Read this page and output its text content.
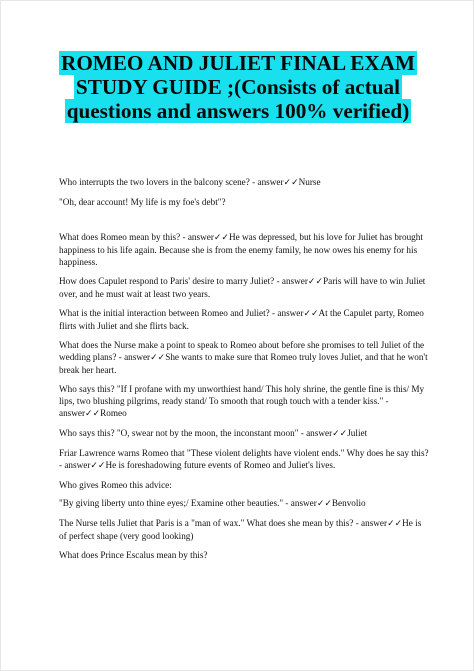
ROMEO AND JULIET FINAL EXAM
STUDY GUIDE ;(Consists of actual
questions and answers 100% verified)

Who interrupts the two lovers in the balcony scene? - answer✓✓Nurse

"Oh, dear account! My life is my foe's debt"?

What does Romeo mean by this? - answer✓✓He was depressed, but his love for Juliet has brought happiness to his life again. Because she is from the enemy family, he now owes his enemy for his happiness.

How does Capulet respond to Paris' desire to marry Juliet? - answer✓✓Paris will have to win Juliet over, and he must wait at least two years.

What is the initial interaction between Romeo and Juliet? - answer✓✓At the Capulet party, Romeo flirts with Juliet and she flirts back.

What does the Nurse make a point to speak to Romeo about before she promises to tell Juliet of the wedding plans? - answer✓✓She wants to make sure that Romeo truly loves Juliet, and that he won't break her heart.

Who says this? "If I profane with my unworthiest hand/ This holy shrine, the gentle fine is this/ My lips, two blushing pilgrims, ready stand/ To smooth that rough touch with a tender kiss." - answer✓✓Romeo

Who says this? "O, swear not by the moon, the inconstant moon" - answer✓✓Juliet

Friar Lawrence warns Romeo that "These violent delights have violent ends." Why does he say this? - answer✓✓He is foreshadowing future events of Romeo and Juliet's lives.

Who gives Romeo this advice:

"By giving liberty unto thine eyes;/ Examine other beauties." - answer✓✓Benvolio

The Nurse tells Juliet that Paris is a "man of wax." What does she mean by this? - answer✓✓He is of perfect shape (very good looking)

What does Prince Escalus mean by this?
